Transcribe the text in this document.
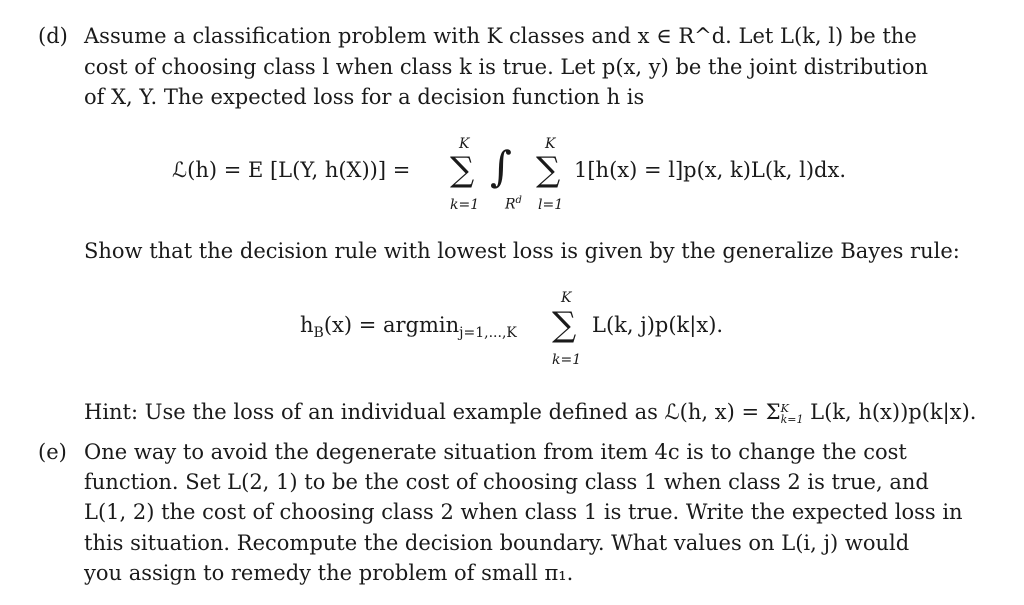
(d) Assume a classification problem with K classes and x ∈ R^d. Let L(k, l) be the
cost of choosing class l when class k is true. Let p(x, y) be the joint distribution
of X, Y. The expected loss for a decision function h is
ℒ(h) = E [L(Y, h(X))] =
K
∑
k=1
∫
$R^d$
K
∑
l=1
1[h(x) = l]p(x, k)L(k, l)dx.
Show that the decision rule with lowest loss is given by the generalize Bayes rule:
$h_B(x) = argmin_{j=1,...,K}$
K
∑
k=1
L(k, j)p(k|x).
Hint: Use the loss of an individual example defined as ℒ(h, x) = Σ K
k=1 L(k, h(x))p(k|x).
(e) One way to avoid the degenerate situation from item 4c is to change the cost
function. Set L(2, 1) to be the cost of choosing class 1 when class 2 is true, and
L(1, 2) the cost of choosing class 2 when class 1 is true. Write the expected loss in
this situation. Recompute the decision boundary. What values on L(i, j) would
you assign to remedy the problem of small π₁.
